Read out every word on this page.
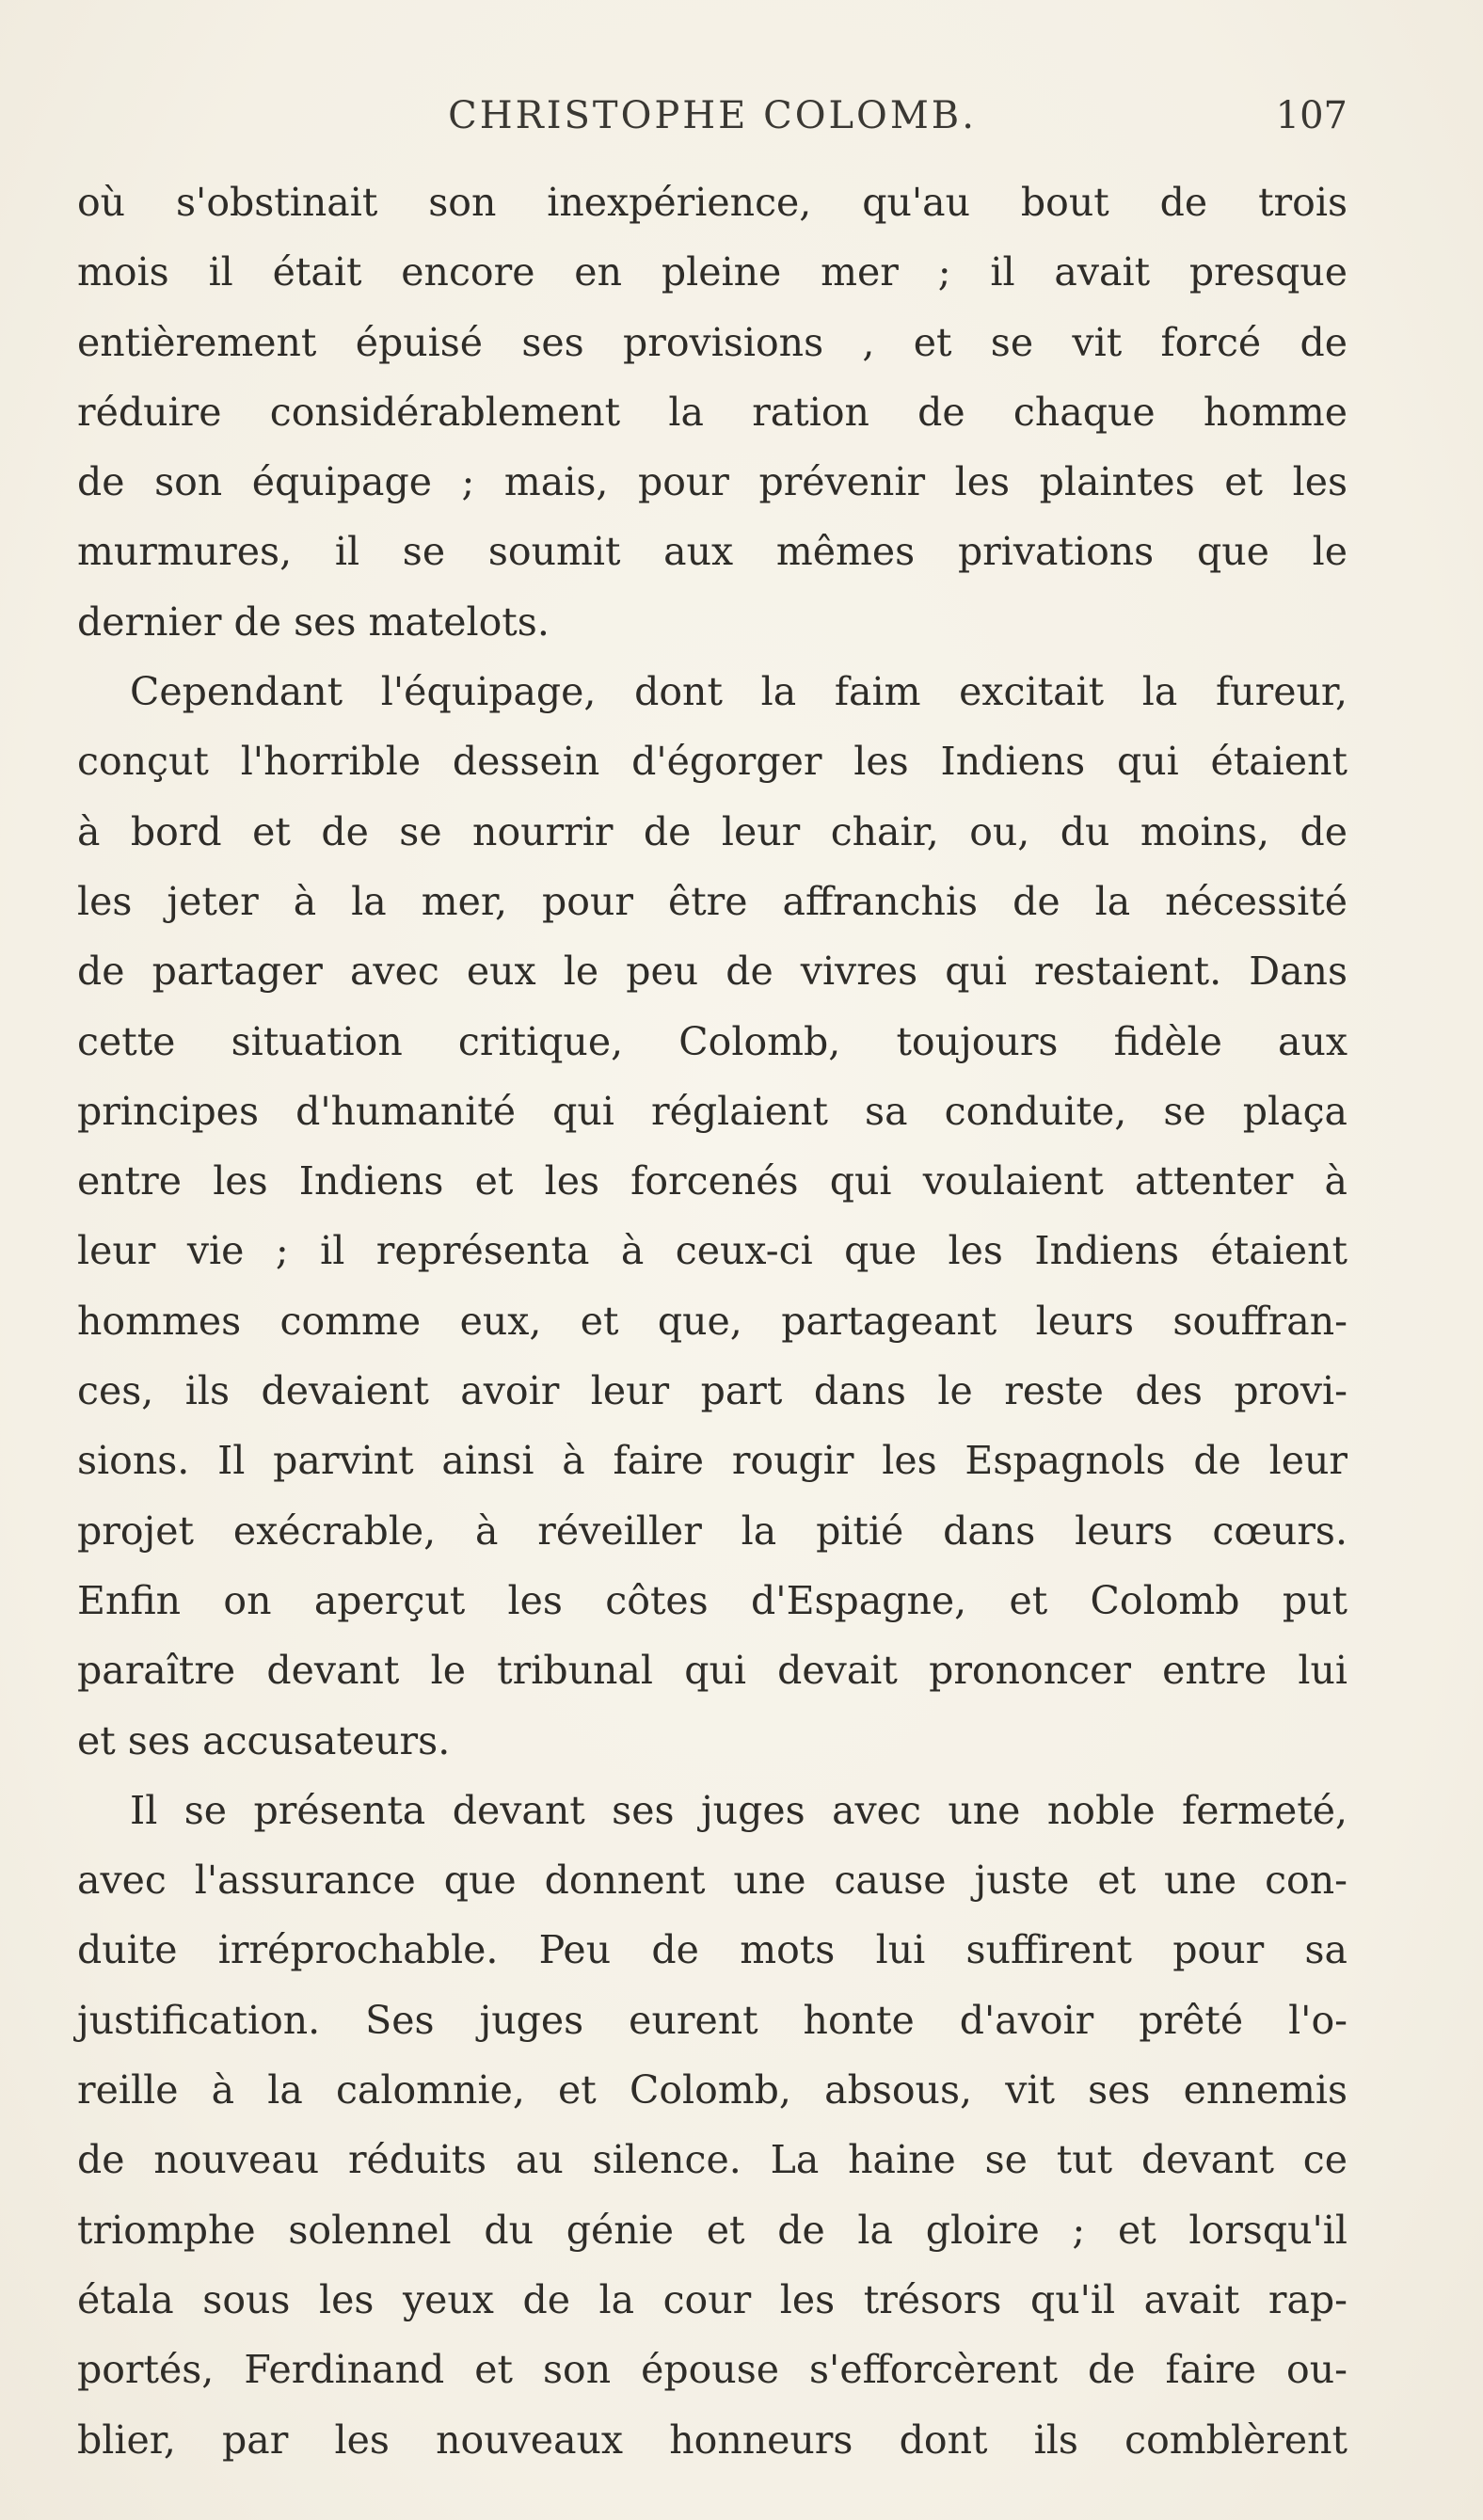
CHRISTOPHE COLOMB.	107
où s'obstinait son inexpérience, qu'au bout de trois
mois il était encore en pleine mer ; il avait presque
entièrement épuisé ses provisions , et se vit forcé de
réduire considérablement la ration de chaque homme
de son équipage ; mais, pour prévenir les plaintes et les
murmures, il se soumit aux mêmes privations que le
dernier de ses matelots.
Cependant l'équipage, dont la faim excitait la fureur,
conçut l'horrible dessein d'égorger les Indiens qui étaient
à bord et de se nourrir de leur chair, ou, du moins, de
les jeter à la mer, pour être affranchis de la nécessité
de partager avec eux le peu de vivres qui restaient. Dans
cette situation critique, Colomb, toujours fidèle aux
principes d'humanité qui réglaient sa conduite, se plaça
entre les Indiens et les forcenés qui voulaient attenter à
leur vie ; il représenta à ceux-ci que les Indiens étaient
hommes comme eux, et que, partageant leurs souffran-
ces, ils devaient avoir leur part dans le reste des provi-
sions. Il parvint ainsi à faire rougir les Espagnols de leur
projet exécrable, à réveiller la pitié dans leurs cœurs.
Enfin on aperçut les côtes d'Espagne, et Colomb put
paraître devant le tribunal qui devait prononcer entre lui
et ses accusateurs.
Il se présenta devant ses juges avec une noble fermeté,
avec l'assurance que donnent une cause juste et une con-
duite irréprochable. Peu de mots lui suffirent pour sa
justification. Ses juges eurent honte d'avoir prêté l'o-
reille à la calomnie, et Colomb, absous, vit ses ennemis
de nouveau réduits au silence. La haine se tut devant ce
triomphe solennel du génie et de la gloire ; et lorsqu'il
étala sous les yeux de la cour les trésors qu'il avait rap-
portés, Ferdinand et son épouse s'efforcèrent de faire ou-
blier, par les nouveaux honneurs dont ils comblèrent
